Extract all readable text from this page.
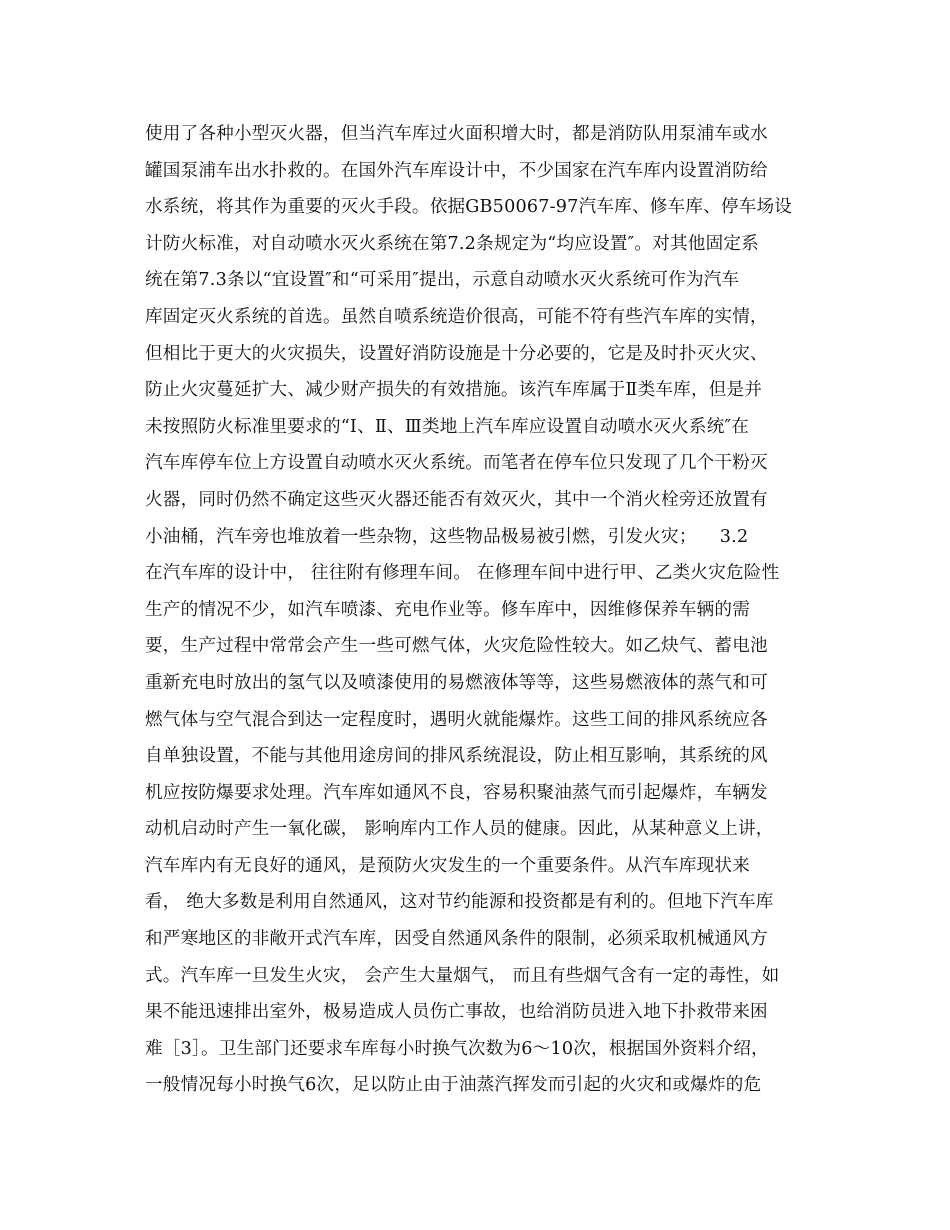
使用了各种小型灭火器，但当汽车库过火面积增大时，都是消防队用泵浦车或水
罐国泵浦车出水扑救的。在国外汽车库设计中，不少国家在汽车库内设置消防给
水系统，将其作为重要的灭火手段。依据GB50067-97汽车库、修车库、停车场设
计防火标准，对自动喷水灭火系统在第7.2条规定为“均应设置″。对其他固定系
统在第7.3条以“宜设置″和“可采用″提出，示意自动喷水灭火系统可作为汽车
库固定灭火系统的首选。虽然自喷系统造价很高，可能不符有些汽车库的实情，
但相比于更大的火灾损失，设置好消防设施是十分必要的，它是及时扑灭火灾、
防止火灾蔓延扩大、减少财产损失的有效措施。该汽车库属于Ⅱ类车库，但是并
未按照防火标准里要求的“Ⅰ、Ⅱ、Ⅲ类地上汽车库应设置自动喷水灭火系统″在
汽车库停车位上方设置自动喷水灭火系统。而笔者在停车位只发现了几个干粉灭
火器，同时仍然不确定这些灭火器还能否有效灭火，其中一个消火栓旁还放置有
小油桶，汽车旁也堆放着一些杂物，这些物品极易被引燃，引发火灾；    3.2
在汽车库的设计中， 往往附有修理车间。 在修理车间中进行甲、乙类火灾危险性
生产的情况不少，如汽车喷漆、充电作业等。修车库中，因维修保养车辆的需
要，生产过程中常常会产生一些可燃气体，火灾危险性较大。如乙炔气、蓄电池
重新充电时放出的氢气以及喷漆使用的易燃液体等等，这些易燃液体的蒸气和可
燃气体与空气混合到达一定程度时，遇明火就能爆炸。这些工间的排风系统应各
自单独设置，不能与其他用途房间的排风系统混设，防止相互影响，其系统的风
机应按防爆要求处理。汽车库如通风不良，容易积聚油蒸气而引起爆炸，车辆发
动机启动时产生一氧化碳， 影响库内工作人员的健康。因此，从某种意义上讲，
汽车库内有无良好的通风，是预防火灾发生的一个重要条件。从汽车库现状来
看， 绝大多数是利用自然通风，这对节约能源和投资都是有利的。但地下汽车库
和严寒地区的非敞开式汽车库，因受自然通风条件的限制，必须采取机械通风方
式。汽车库一旦发生火灾， 会产生大量烟气， 而且有些烟气含有一定的毒性，如
果不能迅速排出室外，极易造成人员伤亡事故，也给消防员进入地下扑救带来困
难［3］。卫生部门还要求车库每小时换气次数为6～10次，根据国外资料介绍，
一般情况每小时换气6次，足以防止由于油蒸汽挥发而引起的火灾和或爆炸的危
